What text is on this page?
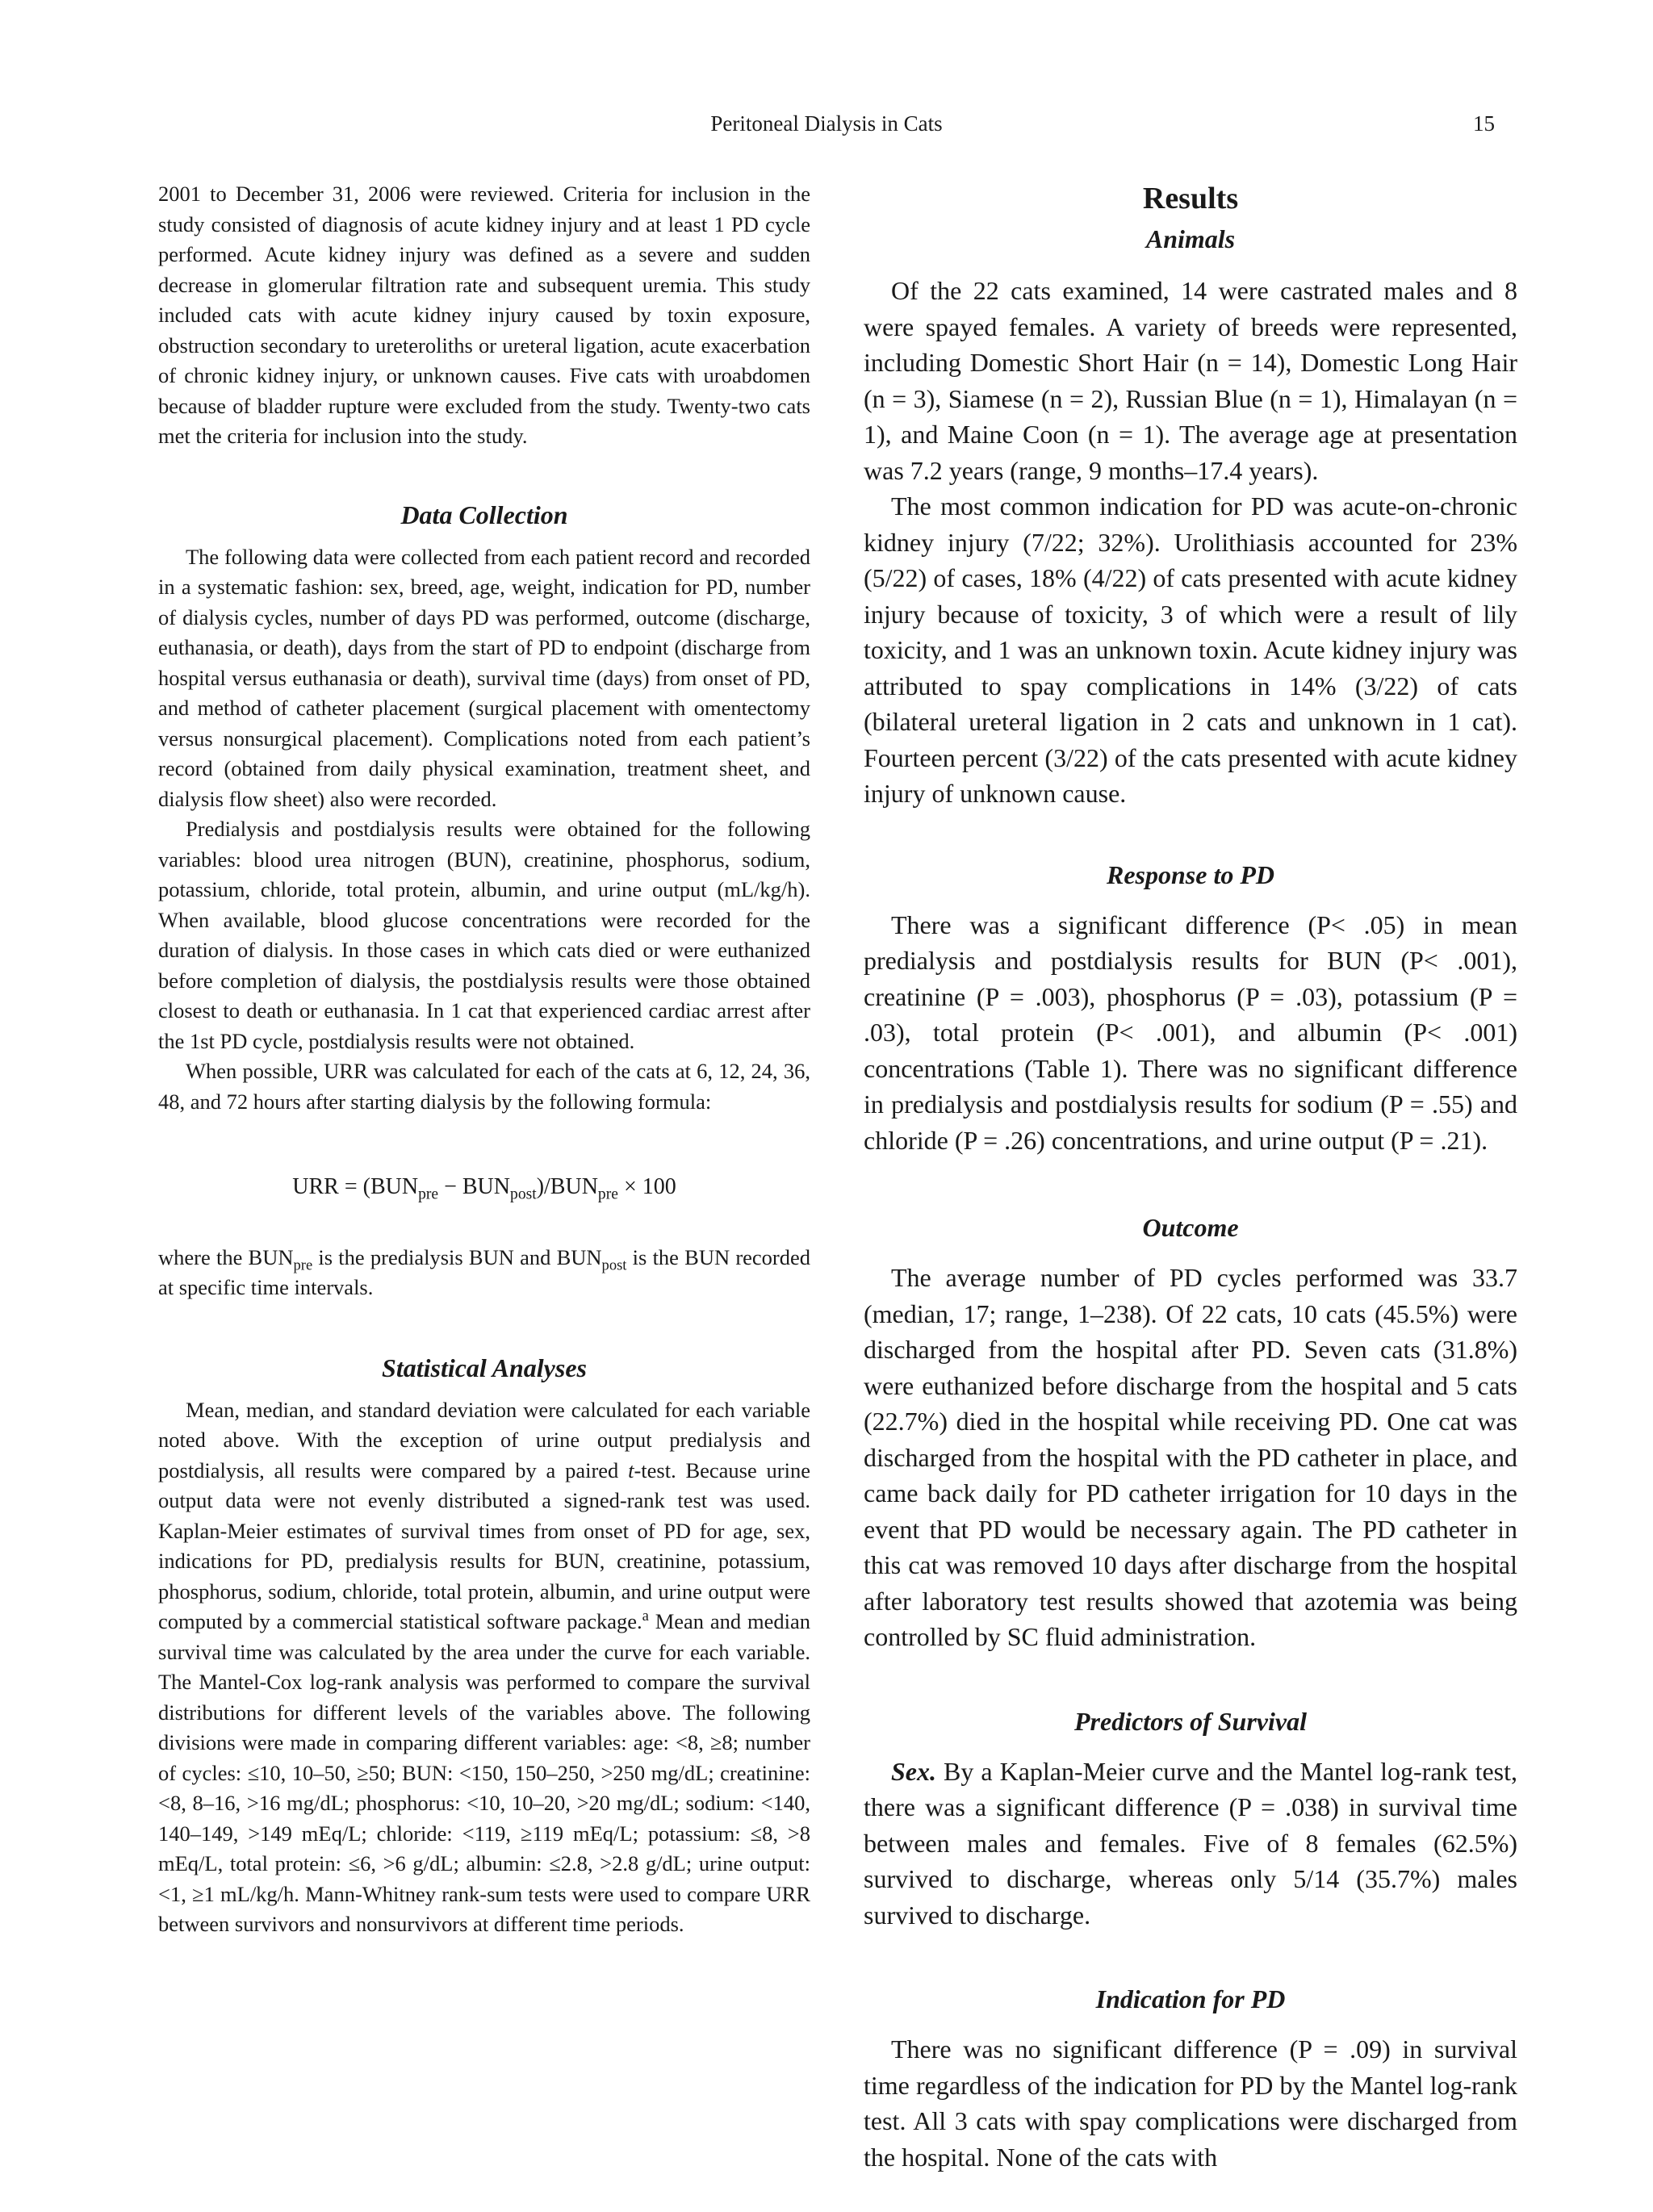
Peritoneal Dialysis in Cats	15

2001 to December 31, 2006 were reviewed. Criteria for inclusion in the study consisted of diagnosis of acute kidney injury and at least 1 PD cycle performed. Acute kidney injury was defined as a severe and sudden decrease in glomerular filtration rate and subsequent uremia. This study included cats with acute kidney injury caused by toxin exposure, obstruction secondary to ureteroliths or ureteral ligation, acute exacerbation of chronic kidney injury, or unknown causes. Five cats with uroabdomen because of bladder rupture were excluded from the study. Twenty-two cats met the criteria for inclusion into the study.

Data Collection

The following data were collected from each patient record and recorded in a systematic fashion: sex, breed, age, weight, indication for PD, number of dialysis cycles, number of days PD was performed, outcome (discharge, euthanasia, or death), days from the start of PD to endpoint (discharge from hospital versus euthanasia or death), survival time (days) from onset of PD, and method of catheter placement (surgical placement with omentectomy versus nonsurgical placement). Complications noted from each patient’s record (obtained from daily physical examination, treatment sheet, and dialysis flow sheet) also were recorded.

Predialysis and postdialysis results were obtained for the following variables: blood urea nitrogen (BUN), creatinine, phosphorus, sodium, potassium, chloride, total protein, albumin, and urine output (mL/kg/h). When available, blood glucose concentrations were recorded for the duration of dialysis. In those cases in which cats died or were euthanized before completion of dialysis, the postdialysis results were those obtained closest to death or euthanasia. In 1 cat that experienced cardiac arrest after the 1st PD cycle, postdialysis results were not obtained.

When possible, URR was calculated for each of the cats at 6, 12, 24, 36, 48, and 72 hours after starting dialysis by the following formula:

URR = $(BUN_{pre} - BUN_{post})/BUN_{pre} \times 100$

where the $BUN_{pre}$ is the predialysis BUN and $BUN_{post}$ is the BUN recorded at specific time intervals.

Statistical Analyses

Mean, median, and standard deviation were calculated for each variable noted above. With the exception of urine output predialysis and postdialysis, all results were compared by a paired t-test. Because urine output data were not evenly distributed a signed-rank test was used. Kaplan-Meier estimates of survival times from onset of PD for age, sex, indications for PD, predialysis results for BUN, creatinine, potassium, phosphorus, sodium, chloride, total protein, albumin, and urine output were computed by a commercial statistical software package.$^a$ Mean and median survival time was calculated by the area under the curve for each variable. The Mantel-Cox log-rank analysis was performed to compare the survival distributions for different levels of the variables above. The following divisions were made in comparing different variables: age: <8, ≥8; number of cycles: ≤10, 10–50, ≥50; BUN: <150, 150–250, >250 mg/dL; creatinine: <8, 8–16, >16 mg/dL; phosphorus: <10, 10–20, >20 mg/dL; sodium: <140, 140–149, >149 mEq/L; chloride: <119, ≥119 mEq/L; potassium: ≤8, >8 mEq/L, total protein: ≤6, >6 g/dL; albumin: ≤2.8, >2.8 g/dL; urine output: <1, ≥1 mL/kg/h. Mann-Whitney rank-sum tests were used to compare URR between survivors and nonsurvivors at different time periods.

Results
Animals

Of the 22 cats examined, 14 were castrated males and 8 were spayed females. A variety of breeds were represented, including Domestic Short Hair (n = 14), Domestic Long Hair (n = 3), Siamese (n = 2), Russian Blue (n = 1), Himalayan (n = 1), and Maine Coon (n = 1). The average age at presentation was 7.2 years (range, 9 months–17.4 years).

The most common indication for PD was acute-on-chronic kidney injury (7/22; 32%). Urolithiasis accounted for 23% (5/22) of cases, 18% (4/22) of cats presented with acute kidney injury because of toxicity, 3 of which were a result of lily toxicity, and 1 was an unknown toxin. Acute kidney injury was attributed to spay complications in 14% (3/22) of cats (bilateral ureteral ligation in 2 cats and unknown in 1 cat). Fourteen percent (3/22) of the cats presented with acute kidney injury of unknown cause.

Response to PD

There was a significant difference (P< .05) in mean predialysis and postdialysis results for BUN (P< .001), creatinine (P = .003), phosphorus (P = .03), potassium (P = .03), total protein (P< .001), and albumin (P< .001) concentrations (Table 1). There was no significant difference in predialysis and postdialysis results for sodium (P = .55) and chloride (P = .26) concentrations, and urine output (P = .21).

Outcome

The average number of PD cycles performed was 33.7 (median, 17; range, 1–238). Of 22 cats, 10 cats (45.5%) were discharged from the hospital after PD. Seven cats (31.8%) were euthanized before discharge from the hospital and 5 cats (22.7%) died in the hospital while receiving PD. One cat was discharged from the hospital with the PD catheter in place, and came back daily for PD catheter irrigation for 10 days in the event that PD would be necessary again. The PD catheter in this cat was removed 10 days after discharge from the hospital after laboratory test results showed that azotemia was being controlled by SC fluid administration.

Predictors of Survival

Sex. By a Kaplan-Meier curve and the Mantel log-rank test, there was a significant difference (P = .038) in survival time between males and females. Five of 8 females (62.5%) survived to discharge, whereas only 5/14 (35.7%) males survived to discharge.

Indication for PD

There was no significant difference (P = .09) in survival time regardless of the indication for PD by the Mantel log-rank test. All 3 cats with spay complications were discharged from the hospital. None of the cats with
